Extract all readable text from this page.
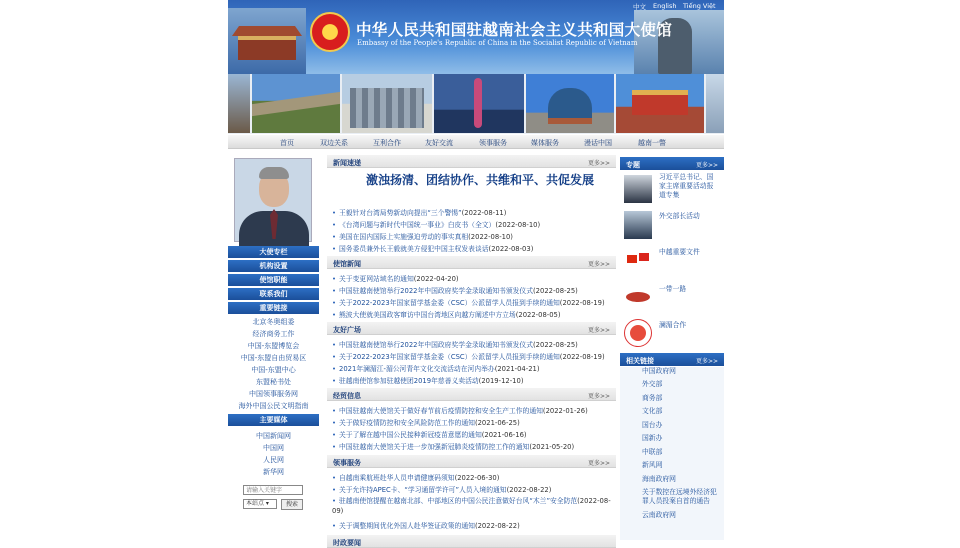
中华人民共和国驻越南社会主义共和国大使馆
Embassy of the People's Republic of China in the Socialist Republic of Vietnam
中文 English Tiếng Việt
首页	双边关系	互利合作	友好交流	领事服务	媒体服务	漫话中国	越南一瞥
大使专栏
机构设置
使馆职能
联系我们
重要链接
北京冬奥组委
经济商务工作
中国-东盟博览会
中国-东盟自由贸易区
中国-东盟中心
东盟秘书处
中国领事服务网
海外中国公民文明指南
主要媒体
中国新闻网
中国网
人民网
新华网
请输入关键字
本站点 ▾	搜索
新闻速递	更多>>
激浊扬清、团结协作、共维和平、共促发展
• 王毅针对台湾局势新动向提出“三个警惕”(2022-08-11)
• 《台湾问题与新时代中国统一事业》白皮书（全文）(2022-08-10)
• 美国在国内国际上实施强迫劳动的事实真相(2022-08-10)
• 国务委员兼外长王毅就美方侵犯中国主权发表谈话(2022-08-03)
使馆新闻	更多>>
• 关于变更网站域名的通知(2022-04-20)
• 中国驻越南使馆举行2022年中国政府奖学金录取通知书颁发仪式(2022-08-25)
• 关于2022-2023年国家留学基金委（CSC）公派留学人员报到手续的通知(2022-08-19)
• 熊波大使就美国政客窜访中国台湾地区向越方阐述中方立场(2022-08-05)
友好广场	更多>>
• 中国驻越南使馆举行2022年中国政府奖学金录取通知书颁发仪式(2022-08-25)
• 关于2022-2023年国家留学基金委（CSC）公派留学人员报到手续的通知(2022-08-19)
• 2021年澜湄江-湄公河青年文化交流活动在河内举办(2021-04-21)
• 驻越南使馆参加驻越使团2019年慈善义卖活动(2019-12-10)
经贸信息	更多>>
• 中国驻越南大使馆关于做好春节前后疫情防控和安全生产工作的通知(2022-01-26)
• 关于做好疫情防控和安全风险防范工作的通知(2021-06-25)
• 关于了解在越中国公民接种新冠疫苗意愿的通知(2021-06-16)
• 中国驻越南大使馆关于进一步加强新冠肺炎疫情防控工作的通知(2021-05-20)
领事服务	更多>>
• 自越南乘航班赴华人员申请健康码须知(2022-06-30)
• 关于允许持APEC卡、“学习通留学许可”人员入境的通知(2022-08-22)
• 驻越南使馆提醒在越南北部、中部地区的中国公民注意做好台风“木兰”安全防范(2022-08-09)
• 关于调整期间优化外国人赴华签证政策的通知(2022-08-22)
时政要闻
专题	更多>>
习近平总书记、国家主席重要活动报道专集
外交部长活动
中越重要文件
一带一路
澜湄合作
相关链接	更多>>
中国政府网
外交部
商务部
文化部
国台办
国新办
中联部
新风网
海南政府网
关于数控在远境外经济犯罪人员投案自首的通告
云南政府网
